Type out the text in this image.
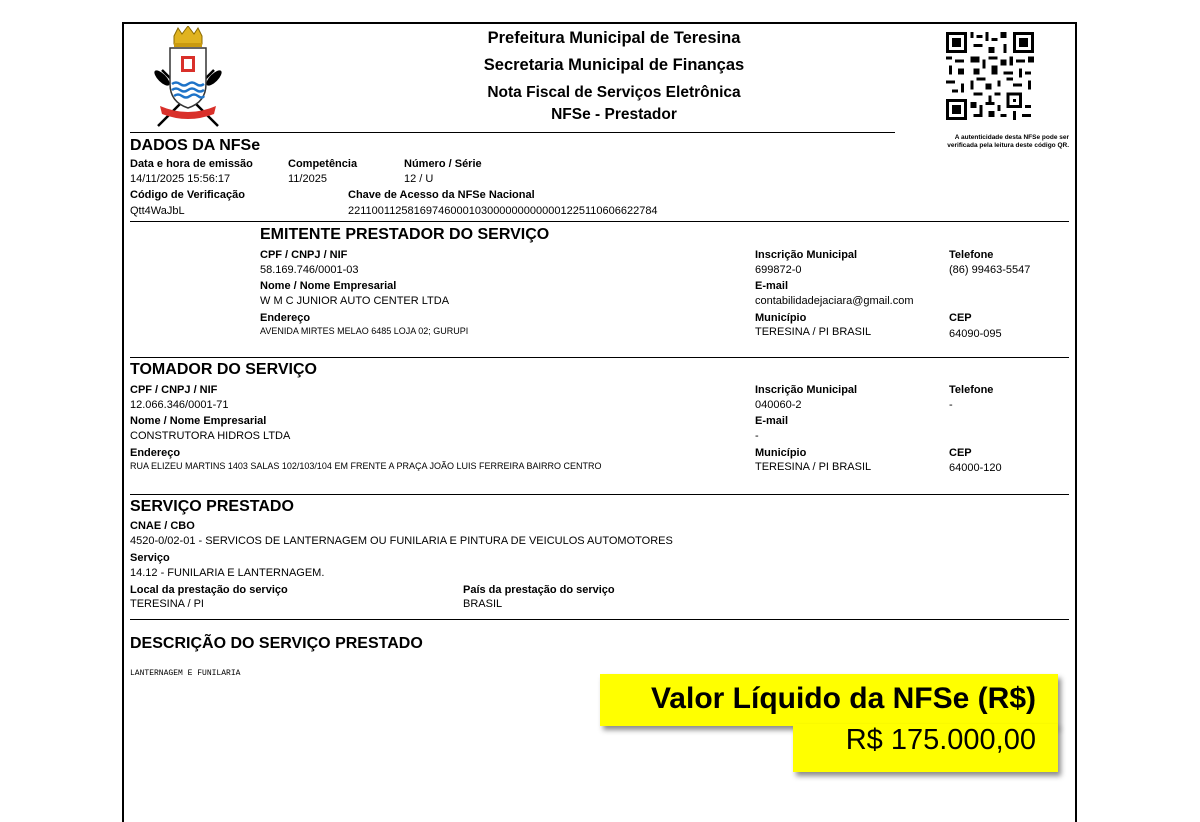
Prefeitura Municipal de Teresina
Secretaria Municipal de Finanças
Nota Fiscal de Serviços Eletrônica
NFSe - Prestador
A autenticidade desta NFSe pode ser
verificada pela leitura deste código QR.
DADOS DA NFSe
Data e hora de emissão
14/11/2025 15:56:17
Competência
11/2025
Número / Série
12 / U
Código de Verificação
Qtt4WaJbL
Chave de Acesso da NFSe Nacional
221100112581697460001030000000000001225110606622784
EMITENTE PRESTADOR DO SERVIÇO
CPF / CNPJ / NIF
58.169.746/0001-03
Nome / Nome Empresarial
W M C JUNIOR AUTO CENTER LTDA
Endereço
AVENIDA MIRTES MELAO 6485 LOJA 02; GURUPI
Inscrição Municipal
699872-0
E-mail
contabilidadejaciara@gmail.com
Município
TERESINA / PI BRASIL
Telefone
(86) 99463-5547
CEP
64090-095
TOMADOR DO SERVIÇO
CPF / CNPJ / NIF
12.066.346/0001-71
Nome / Nome Empresarial
CONSTRUTORA HIDROS LTDA
Endereço
RUA ELIZEU MARTINS 1403 SALAS 102/103/104 EM FRENTE A PRAÇA JOÃO LUIS FERREIRA BAIRRO CENTRO
Inscrição Municipal
040060-2
E-mail
-
Município
TERESINA / PI BRASIL
Telefone
-
CEP
64000-120
SERVIÇO PRESTADO
CNAE / CBO
4520-0/02-01 - SERVICOS DE LANTERNAGEM OU FUNILARIA E PINTURA DE VEICULOS AUTOMOTORES
Serviço
14.12 - FUNILARIA E LANTERNAGEM.
Local da prestação do serviço
TERESINA / PI
País da prestação do serviço
BRASIL
DESCRIÇÃO DO SERVIÇO PRESTADO
LANTERNAGEM E FUNILARIA
Valor Líquido da NFSe (R$)
R$ 175.000,00
